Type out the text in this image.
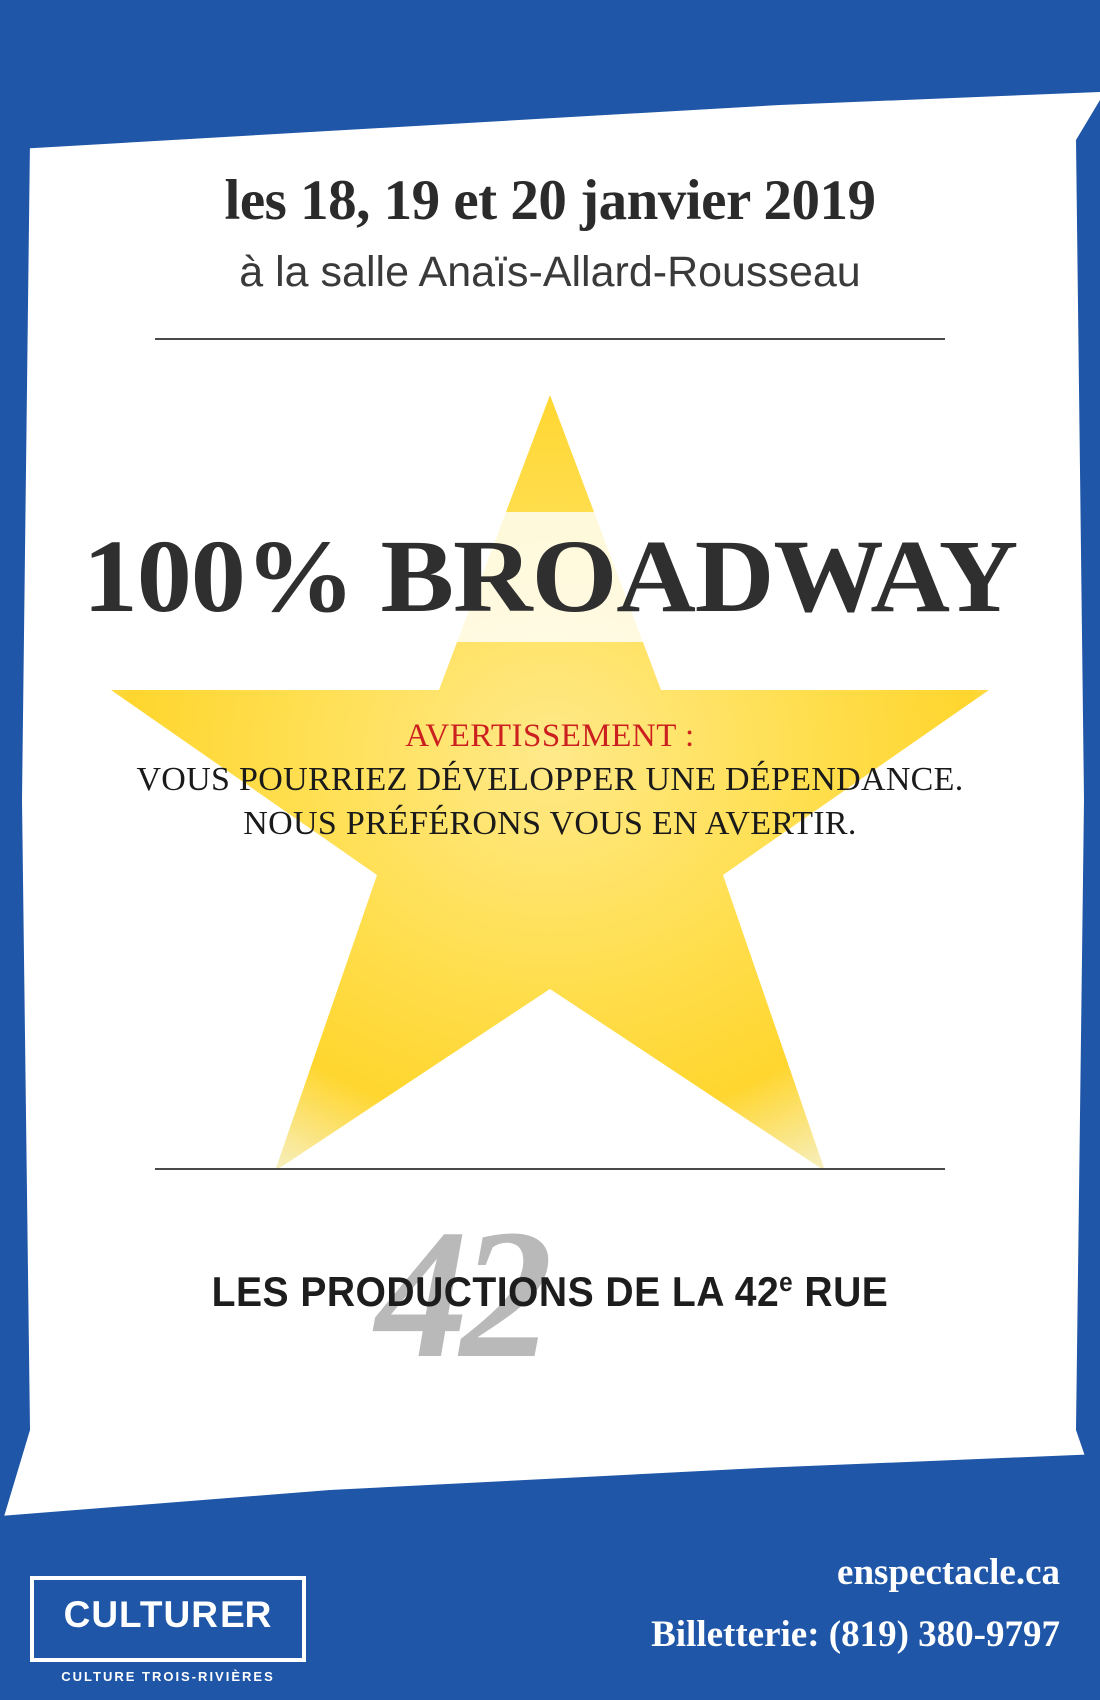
les 18, 19 et 20 janvier 2019
à la salle Anaïs-Allard-Rousseau
100% BROADWAY
AVERTISSEMENT :
VOUS POURRIEZ DÉVELOPPER UNE DÉPENDANCE.
NOUS PRÉFÉRONS VOUS EN AVERTIR.
42
LES PRODUCTIONS DE LA 42e RUE
CULTURƎR
CULTURE TROIS-RIVIÈRES
enspectacle.ca
Billetterie: (819) 380-9797
